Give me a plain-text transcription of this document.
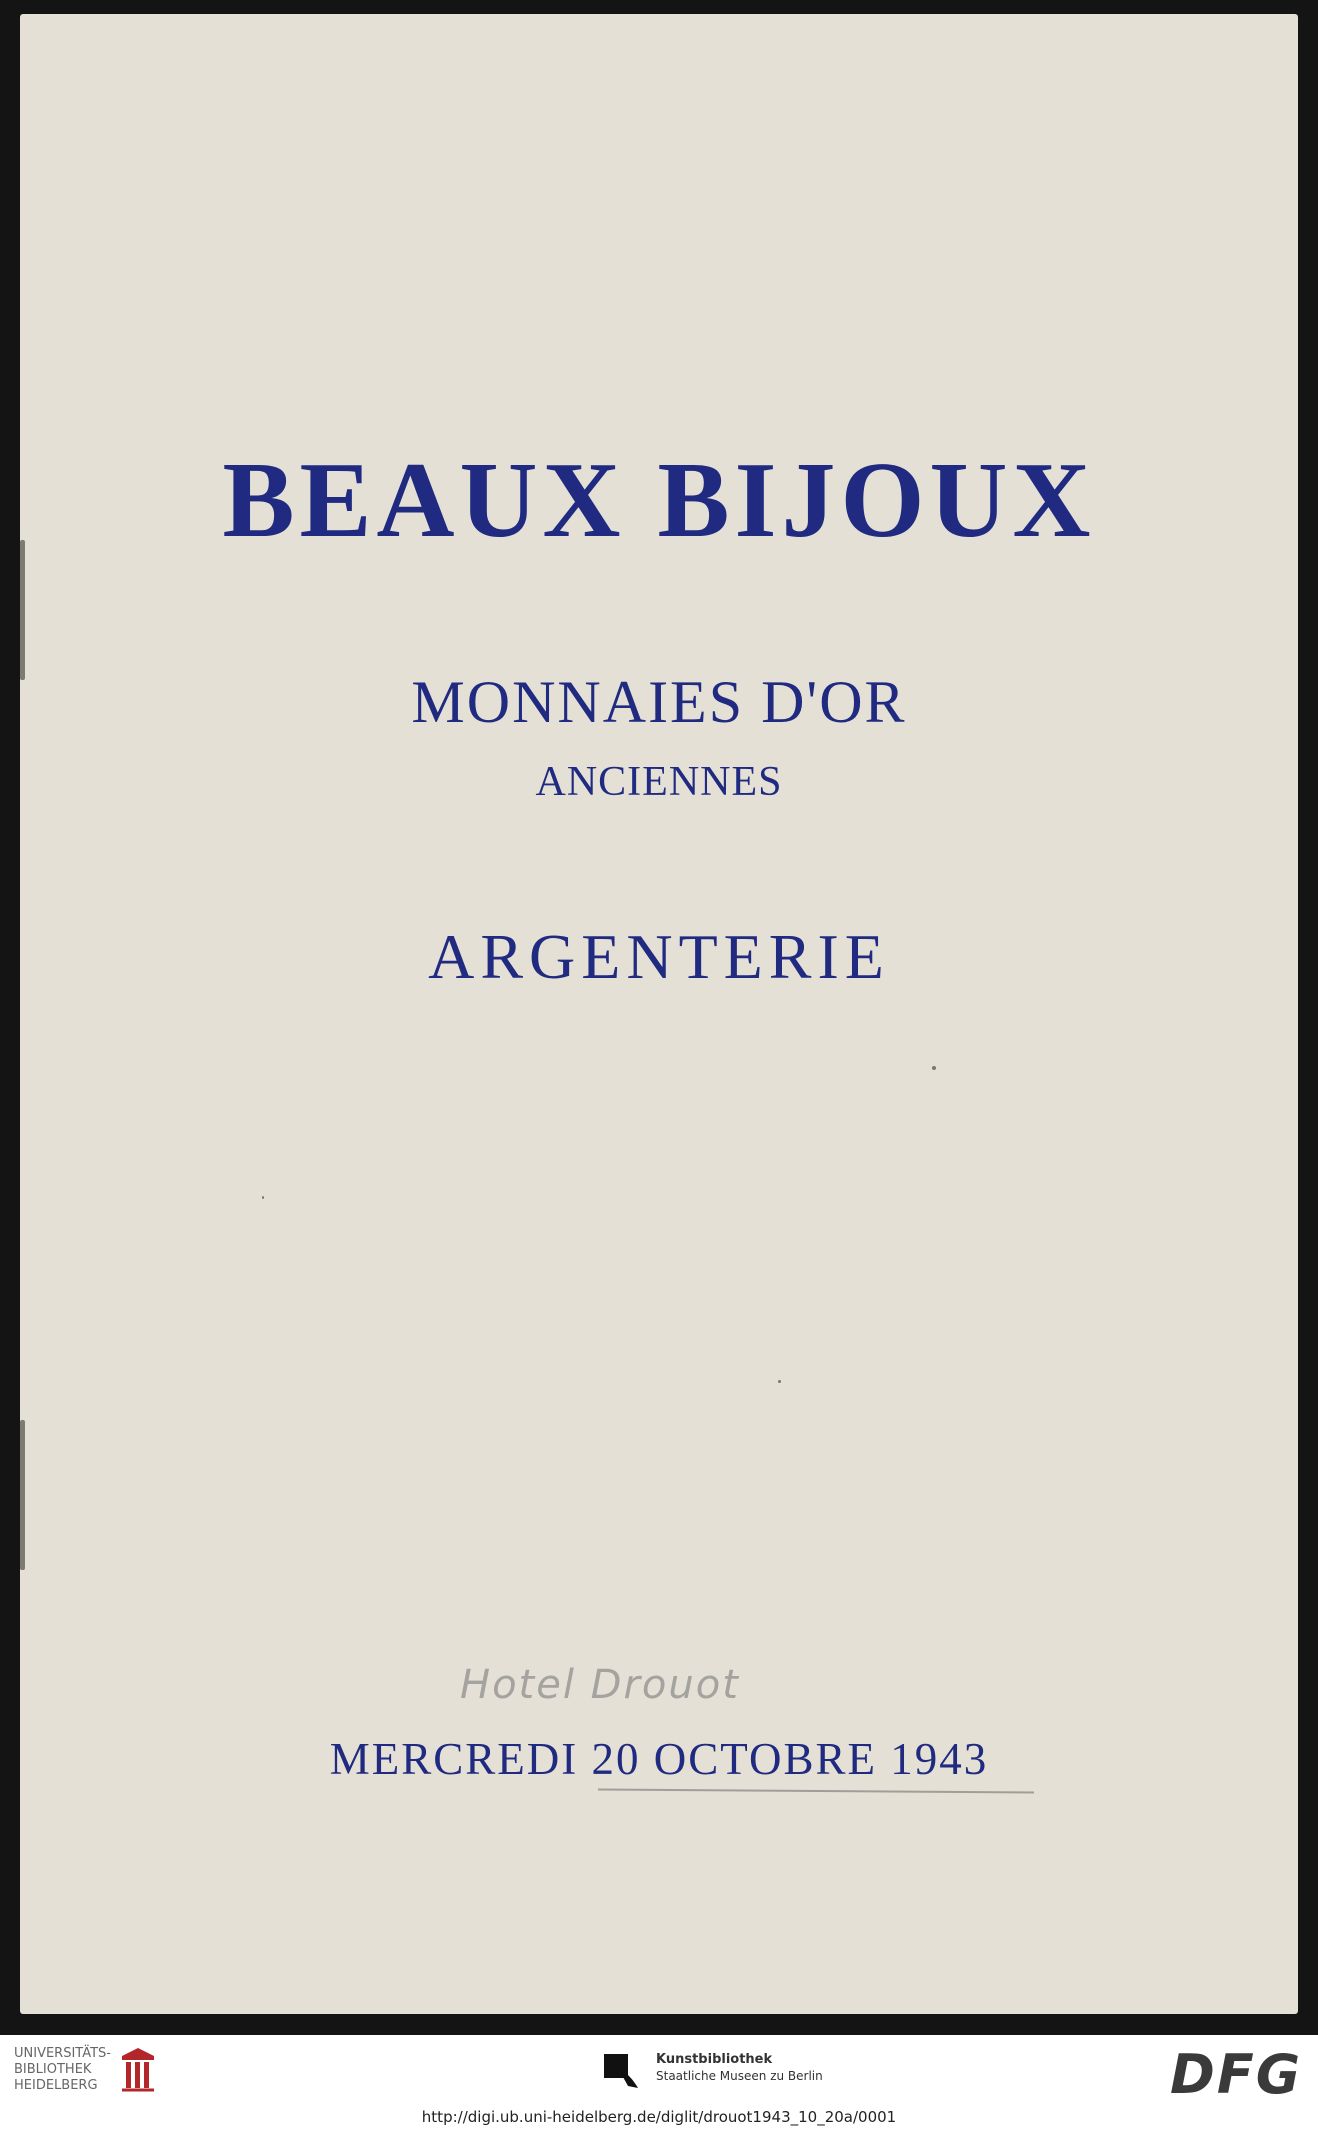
BEAUX BIJOUX
MONNAIES D'OR
ANCIENNES
ARGENTERIE
Hotel Drouot
MERCREDI 20 OCTOBRE 1943
UNIVERSITÄTS-
BIBLIOTHEK
HEIDELBERG
Kunstbibliothek
Staatliche Museen zu Berlin	DFG
http://digi.ub.uni-heidelberg.de/diglit/drouot1943_10_20a/0001
